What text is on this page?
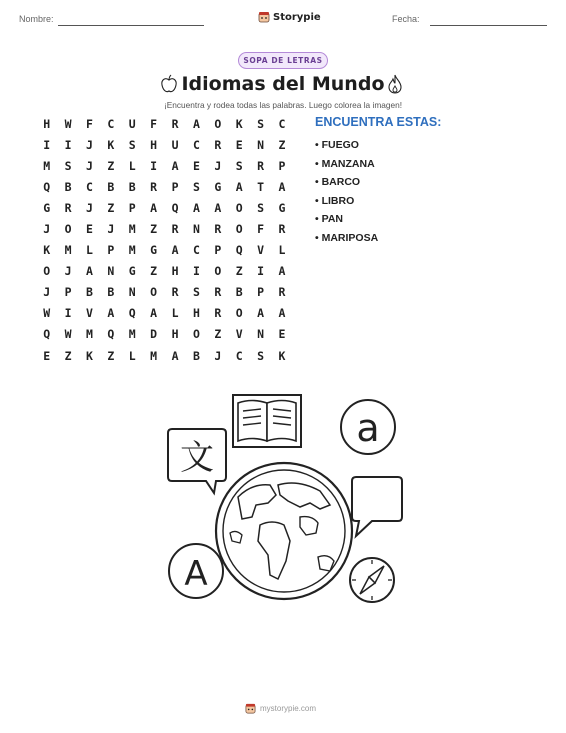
Nombre:	Storypie	Fecha:
SOPA DE LETRAS
Idiomas del Mundo
¡Encuentra y rodea todas las palabras. Luego colorea la imagen!
H	W	F	C	U	F	R	A	O	K	S	C
I	I	J	K	S	H	U	C	R	E	N	Z
M	S	J	Z	L	I	A	E	J	S	R	P
Q	B	C	B	B	R	P	S	G	A	T	A
G	R	J	Z	P	A	Q	A	A	O	S	G
J	O	E	J	M	Z	R	N	R	O	F	R
K	M	L	P	M	G	A	C	P	Q	V	L
O	J	A	N	G	Z	H	I	O	Z	I	A
J	P	B	B	N	O	R	S	R	B	P	R
W	I	V	A	Q	A	L	H	R	O	A	A
Q	W	M	Q	M	D	H	O	Z	V	N	E
E	Z	K	Z	L	M	A	B	J	C	S	K
ENCUENTRA ESTAS:
• FUEGO
• MANZANA
• BARCO
• LIBRO
• PAN
• MARIPOSA
文
a
A
mystorypie.com
